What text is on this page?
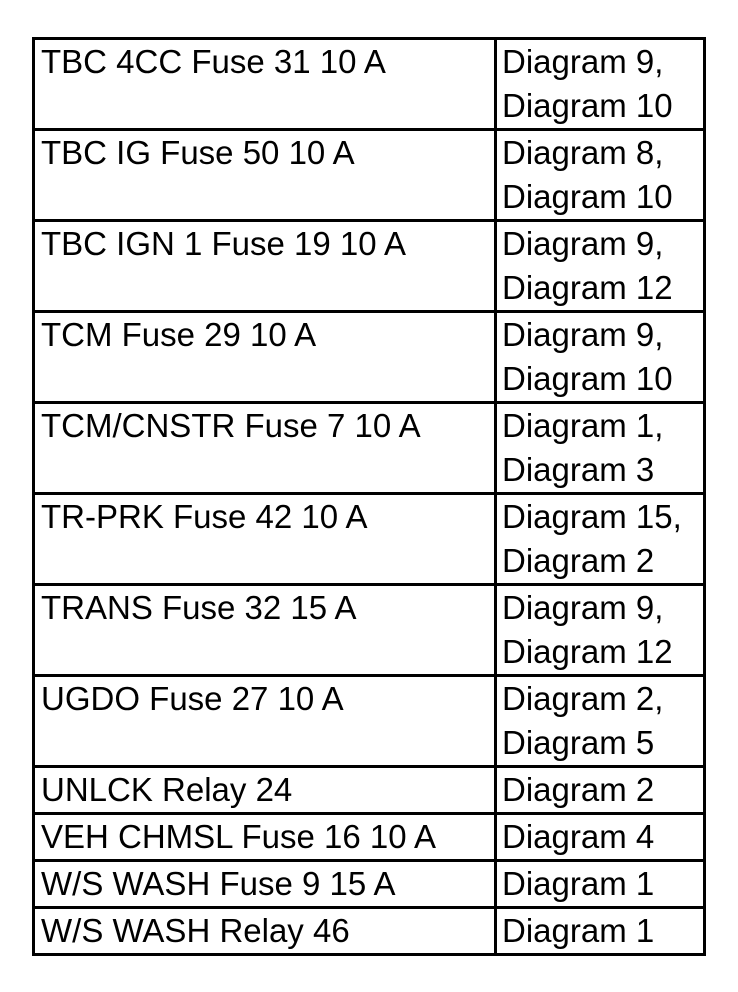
TBC 4CC Fuse 31 10 A	Diagram 9,
Diagram 10

TBC IG Fuse 50 10 A	Diagram 8,
Diagram 10

TBC IGN 1 Fuse 19 10 A	Diagram 9,
Diagram 12

TCM Fuse 29 10 A	Diagram 9,
Diagram 10

TCM/CNSTR Fuse 7 10 A	Diagram 1,
Diagram 3

TR-PRK Fuse 42 10 A	Diagram 15,
Diagram 2

TRANS Fuse 32 15 A	Diagram 9,
Diagram 12

UGDO Fuse 27 10 A	Diagram 2,
Diagram 5

UNLCK Relay 24	Diagram 2

VEH CHMSL Fuse 16 10 A	Diagram 4

W/S WASH Fuse 9 15 A	Diagram 1

W/S WASH Relay 46	Diagram 1
